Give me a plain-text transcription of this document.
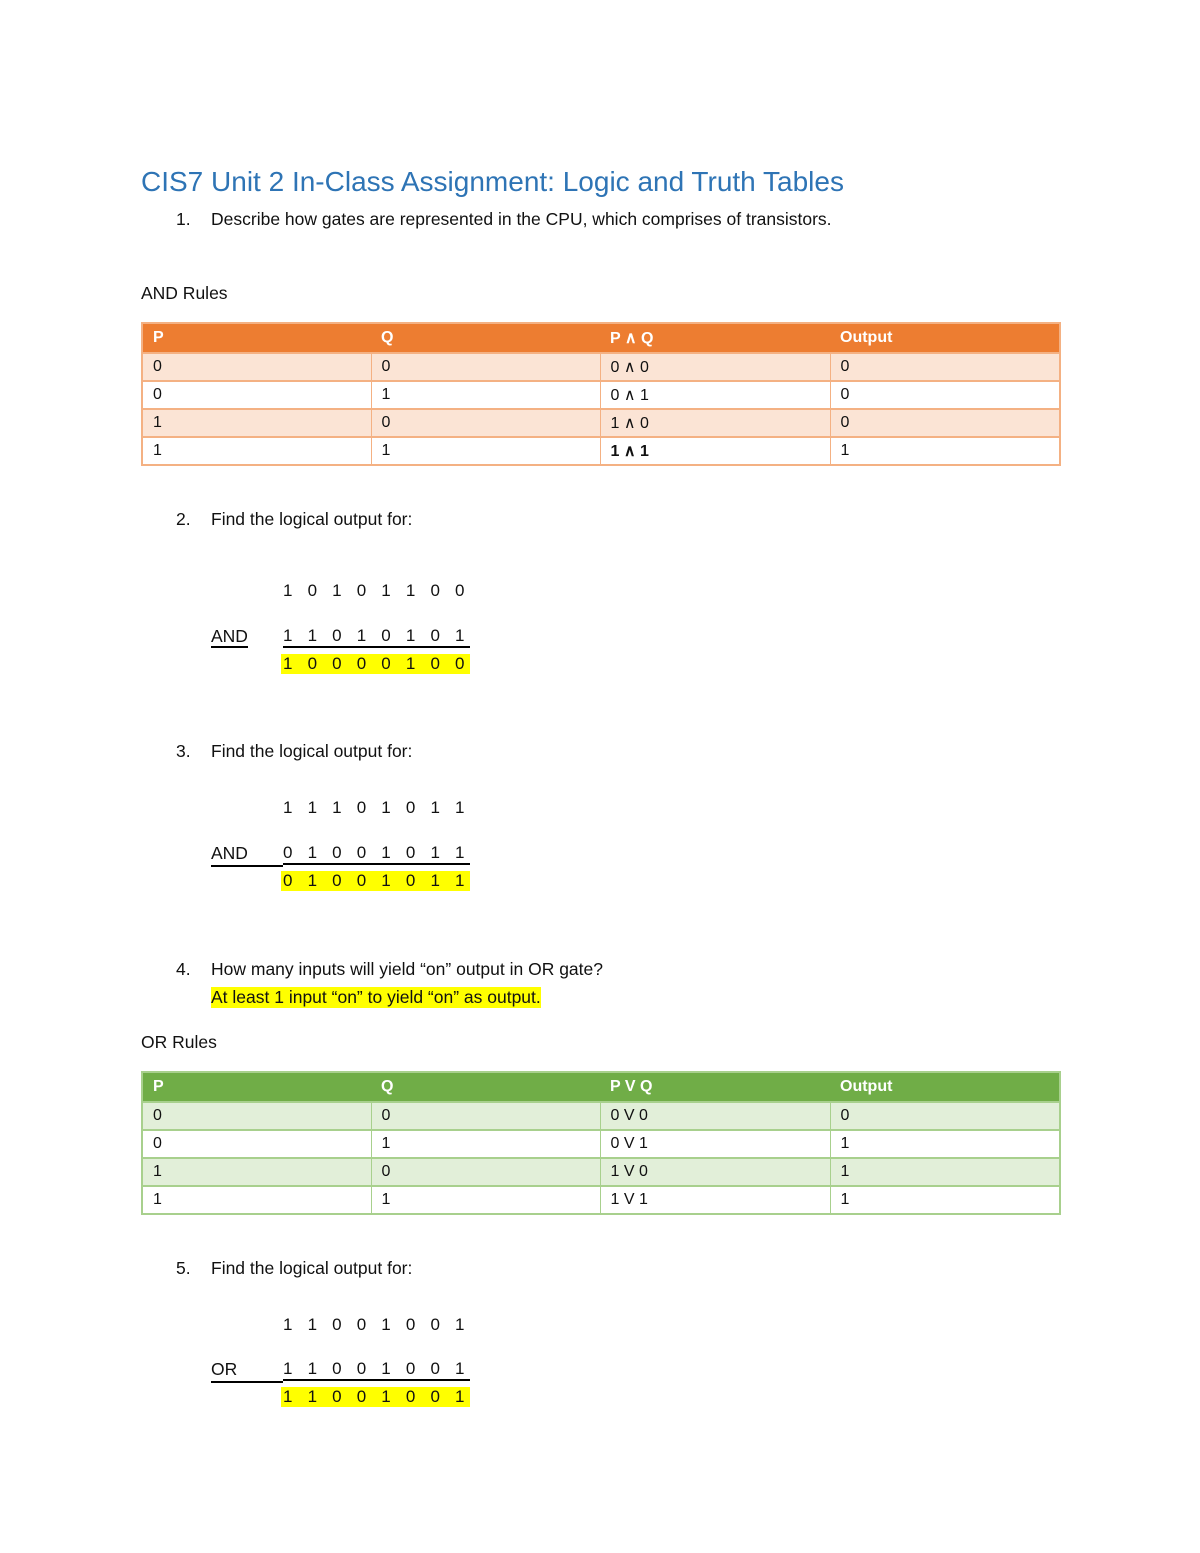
CIS7 Unit 2 In-Class Assignment: Logic and Truth Tables
1. Describe how gates are represented in the CPU, which comprises of transistors.
AND Rules
P	Q	P ∧ Q	Output
0	0	0 ∧ 0	0
0	1	0 ∧ 1	0
1	0	1 ∧ 0	0
1	1	1 ∧ 1	1
2. Find the logical output for:
1 0 1 0 1 1 0 0
AND	1 1 0 1 0 1 0 1
1 0 0 0 0 1 0 0
3. Find the logical output for:
1 1 1 0 1 0 1 1
AND	0 1 0 0 1 0 1 1
0 1 0 0 1 0 1 1
4. How many inputs will yield “on” output in OR gate?
At least 1 input “on” to yield “on” as output.
OR Rules
P	Q	P V Q	Output
0	0	0 V 0	0
0	1	0 V 1	1
1	0	1 V 0	1
1	1	1 V 1	1
5. Find the logical output for:
1 1 0 0 1 0 0 1
OR	1 1 0 0 1 0 0 1
1 1 0 0 1 0 0 1
